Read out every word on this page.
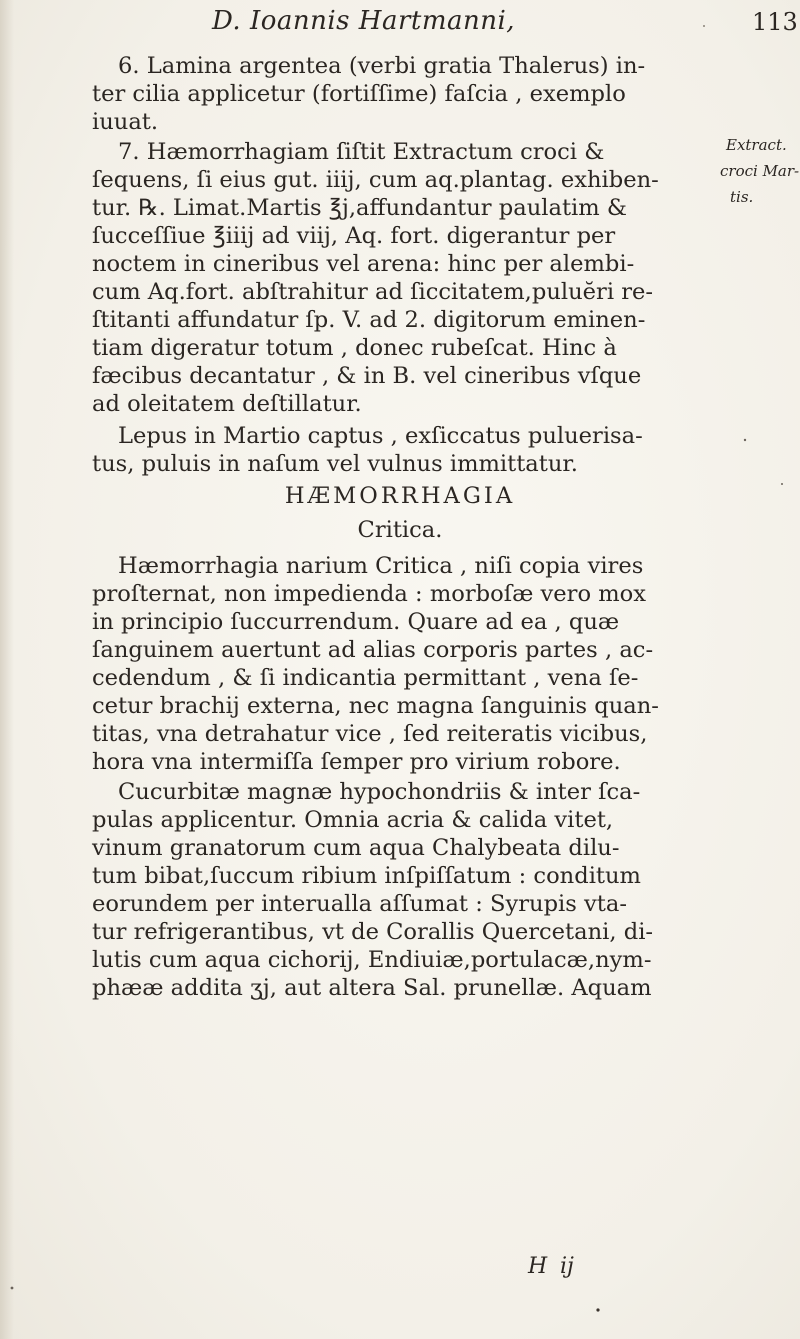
D. Ioannis Hartmanni,	113
6. Lamina argentea (verbi gratia Thalerus) in-
ter cilia applicetur (fortiſſime) faſcia , exemplo
iuuat.
7. Hæmorrhagiam ſiſtit Extractum croci &
ſequens, ſi eius gut. iiij, cum aq.plantag. exhiben-
tur. ℞. Limat.Martis ℥j,affundantur paulatim &
ſucceſſiue ℥iiij ad viij, Aq. fort. digerantur per
noctem in cineribus vel arena: hinc per alembi-
cum Aq.fort. abſtrahitur ad ſiccitatem,puluĕri re-
ſtitanti affundatur ſp. V. ad 2. digitorum eminen-
tiam digeratur totum , donec rubeſcat. Hinc à
fæcibus decantatur , & in B. vel cineribus vſque
ad oleitatem deſtillatur.
Lepus in Martio captus , exſiccatus puluerisa-
tus, puluis in naſum vel vulnus immittatur.
HÆMORRHAGIA
Critica.
Hæmorrhagia narium Critica , niſi copia vires
proſternat, non impedienda : morboſæ vero mox
in principio ſuccurrendum. Quare ad ea , quæ
ſanguinem auertunt ad alias corporis partes , ac-
cedendum , & ſi indicantia permittant , vena ſe-
cetur brachij externa, nec magna ſanguinis quan-
titas, vna detrahatur vice , ſed reiteratis vicibus,
hora vna intermiſſa ſemper pro virium robore.
Cucurbitæ magnæ hypochondriis & inter ſca-
pulas applicentur. Omnia acria & calida vitet,
vinum granatorum cum aqua Chalybeata dilu-
tum bibat,ſuccum ribium inſpiſſatum : conditum
eorundem per interualla aſſumat : Syrupis vta-
tur refrigerantibus, vt de Corallis Quercetani, di-
lutis cum aqua cichorij, Endiuiæ,portulacæ,nym-
phææ addita ʒj, aut altera Sal. prunellæ. Aquam
Extract.
croci Mar-
tis.
H ij
